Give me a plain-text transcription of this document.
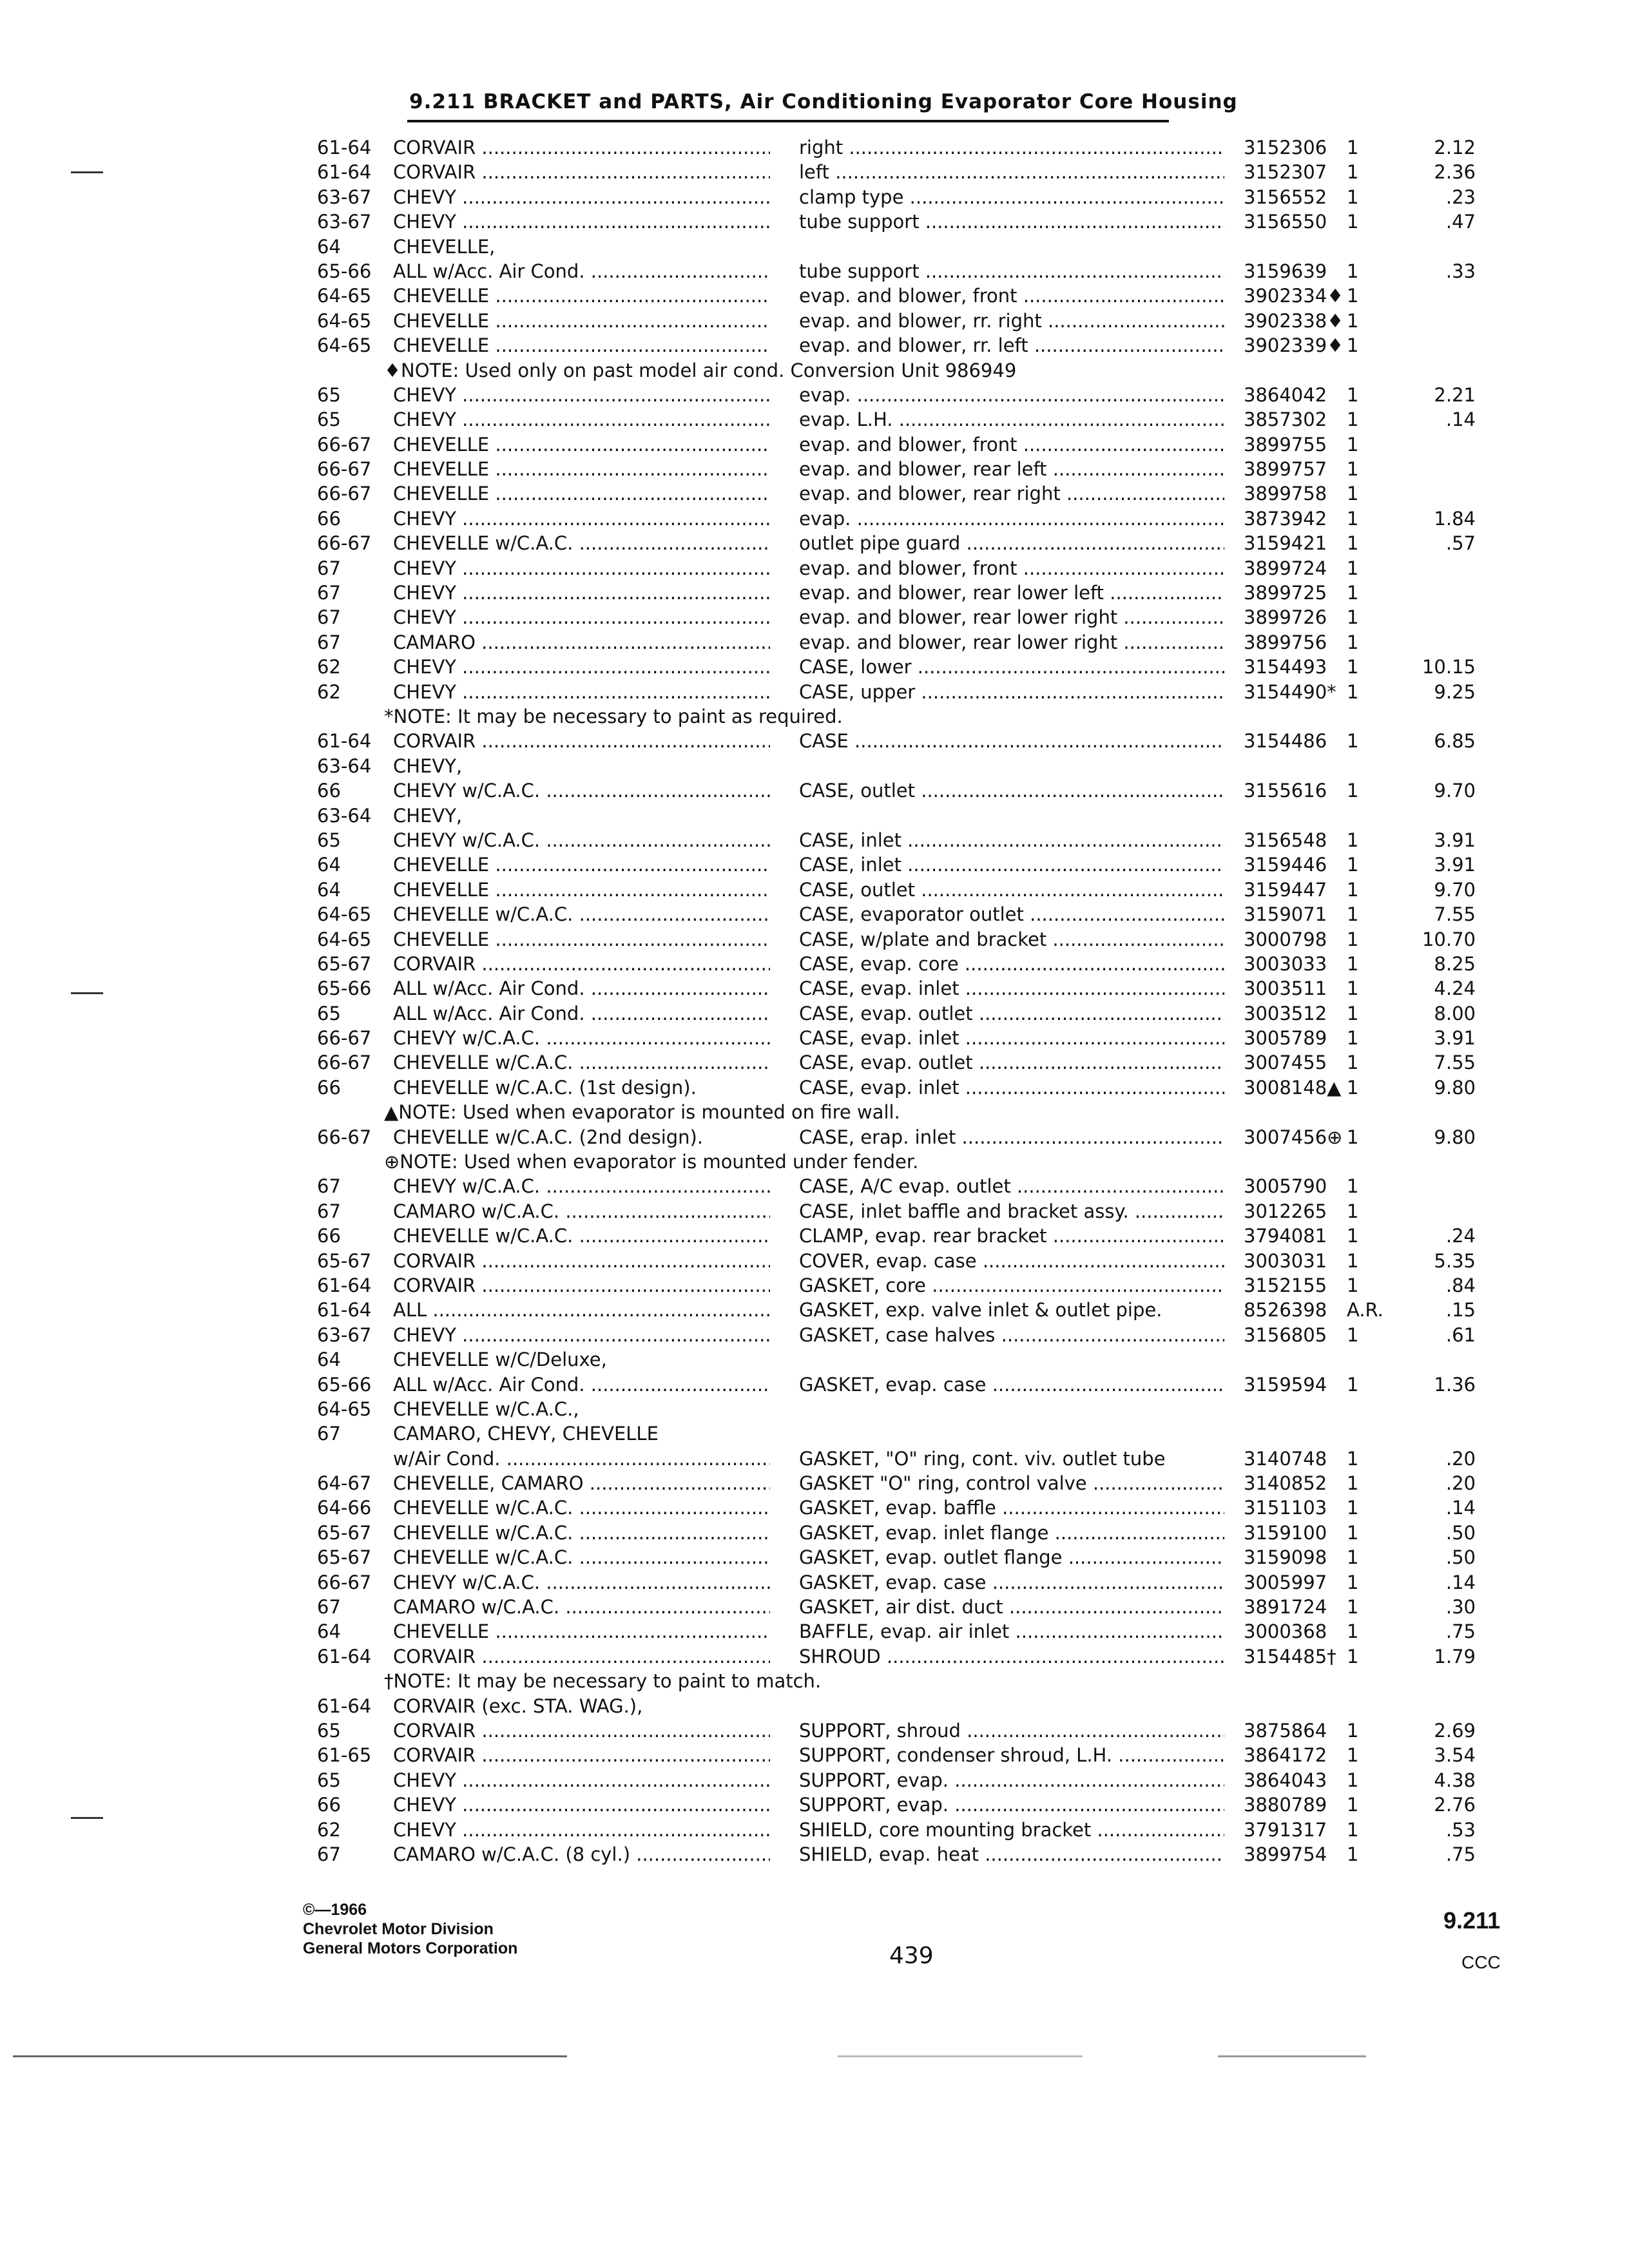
9.211 BRACKET and PARTS, Air Conditioning Evaporator Core Housing
61-64 CORVAIR .....	right .....	3152306 1	2.12
61-64 CORVAIR .....	left .....	3152307 1	2.36
63-67 CHEVY .....	clamp type .....	3156552 1	.23
63-67 CHEVY .....	tube support .....	3156550 1	.47
64	CHEVELLE,
65-66 ALL w/Acc. Air Cond. .....	tube support .....	3159639 1	.33
64-65 CHEVELLE .....	evap. and blower, front .....	3902334♦ 1
64-65 CHEVELLE .....	evap. and blower, rr. right .....	3902338♦ 1
64-65 CHEVELLE .....	evap. and blower, rr. left .....	3902339♦ 1
♦NOTE: Used only on past model air cond. Conversion Unit 986949
65	CHEVY .....	evap. .....	3864042 1	2.21
65	CHEVY .....	evap. L.H. .....	3857302 1	.14
66-67 CHEVELLE .....	evap. and blower, front .....	3899755 1
66-67 CHEVELLE .....	evap. and blower, rear left .....	3899757 1
66-67 CHEVELLE .....	evap. and blower, rear right .....	3899758 1
66	CHEVY .....	evap. .....	3873942 1	1.84
66-67 CHEVELLE w/C.A.C. .....	outlet pipe guard .....	3159421 1	.57
67	CHEVY .....	evap. and blower, front .....	3899724 1
67	CHEVY .....	evap. and blower, rear lower left .....	3899725 1
67	CHEVY .....	evap. and blower, rear lower right .....	3899726 1
67	CAMARO .....	evap. and blower, rear lower right .....	3899756 1
62	CHEVY .....	CASE, lower .....	3154493 1	10.15
62	CHEVY .....	CASE, upper .....	3154490* 1	9.25
*NOTE: It may be necessary to paint as required.
61-64 CORVAIR .....	CASE .....	3154486 1	6.85
63-64 CHEVY,
66	CHEVY w/C.A.C. .....	CASE, outlet .....	3155616 1	9.70
63-64 CHEVY,
65	CHEVY w/C.A.C. .....	CASE, inlet .....	3156548 1	3.91
64	CHEVELLE .....	CASE, inlet .....	3159446 1	3.91
64	CHEVELLE .....	CASE, outlet .....	3159447 1	9.70
64-65 CHEVELLE w/C.A.C. .....	CASE, evaporator outlet .....	3159071 1	7.55
64-65 CHEVELLE .....	CASE, w/plate and bracket .....	3000798 1	10.70
65-67 CORVAIR .....	CASE, evap. core .....	3003033 1	8.25
65-66 ALL w/Acc. Air Cond. .....	CASE, evap. inlet .....	3003511 1	4.24
65	ALL w/Acc. Air Cond. .....	CASE, evap. outlet .....	3003512 1	8.00
66-67 CHEVY w/C.A.C. .....	CASE, evap. inlet .....	3005789 1	3.91
66-67 CHEVELLE w/C.A.C. .....	CASE, evap. outlet .....	3007455 1	7.55
66	CHEVELLE w/C.A.C. (1st design).	CASE, evap. inlet .....	3008148▲ 1	9.80
▲NOTE: Used when evaporator is mounted on fire wall.
66-67 CHEVELLE w/C.A.C. (2nd design).	CASE, erap. inlet .....	3007456⊕ 1	9.80
⊕NOTE: Used when evaporator is mounted under fender.
67	CHEVY w/C.A.C. .....	CASE, A/C evap. outlet .....	3005790 1
67	CAMARO w/C.A.C. .....	CASE, inlet baffle and bracket assy. .....	3012265 1
66	CHEVELLE w/C.A.C. .....	CLAMP, evap. rear bracket .....	3794081 1	.24
65-67 CORVAIR .....	COVER, evap. case .....	3003031 1	5.35
61-64 CORVAIR .....	GASKET, core .....	3152155 1	.84
61-64 ALL .....	GASKET, exp. valve inlet & outlet pipe.	8526398 A.R.	.15
63-67 CHEVY .....	GASKET, case halves .....	3156805 1	.61
64	CHEVELLE w/C/Deluxe,
65-66 ALL w/Acc. Air Cond. .....	GASKET, evap. case .....	3159594 1	1.36
64-65 CHEVELLE w/C.A.C.,
67	CAMARO, CHEVY, CHEVELLE
w/Air Cond. .....	GASKET, "O" ring, cont. viv. outlet tube	3140748 1	.20
64-67 CHEVELLE, CAMARO .....	GASKET "O" ring, control valve .....	3140852 1	.20
64-66 CHEVELLE w/C.A.C. .....	GASKET, evap. baffle .....	3151103 1	.14
65-67 CHEVELLE w/C.A.C. .....	GASKET, evap. inlet flange .....	3159100 1	.50
65-67 CHEVELLE w/C.A.C. .....	GASKET, evap. outlet flange .....	3159098 1	.50
66-67 CHEVY w/C.A.C. .....	GASKET, evap. case .....	3005997 1	.14
67	CAMARO w/C.A.C. .....	GASKET, air dist. duct .....	3891724 1	.30
64	CHEVELLE .....	BAFFLE, evap. air inlet .....	3000368 1	.75
61-64 CORVAIR .....	SHROUD .....	3154485† 1	1.79
†NOTE: It may be necessary to paint to match.
61-64 CORVAIR (exc. STA. WAG.),
65	CORVAIR .....	SUPPORT, shroud .....	3875864 1	2.69
61-65 CORVAIR .....	SUPPORT, condenser shroud, L.H. .....	3864172 1	3.54
65	CHEVY .....	SUPPORT, evap. .....	3864043 1	4.38
66	CHEVY .....	SUPPORT, evap. .....	3880789 1	2.76
62	CHEVY .....	SHIELD, core mounting bracket .....	3791317 1	.53
67	CAMARO w/C.A.C. (8 cyl.) .....	SHIELD, evap. heat .....	3899754 1	.75
©—1966
Chevrolet Motor Division
General Motors Corporation	439
9.211
CCC
